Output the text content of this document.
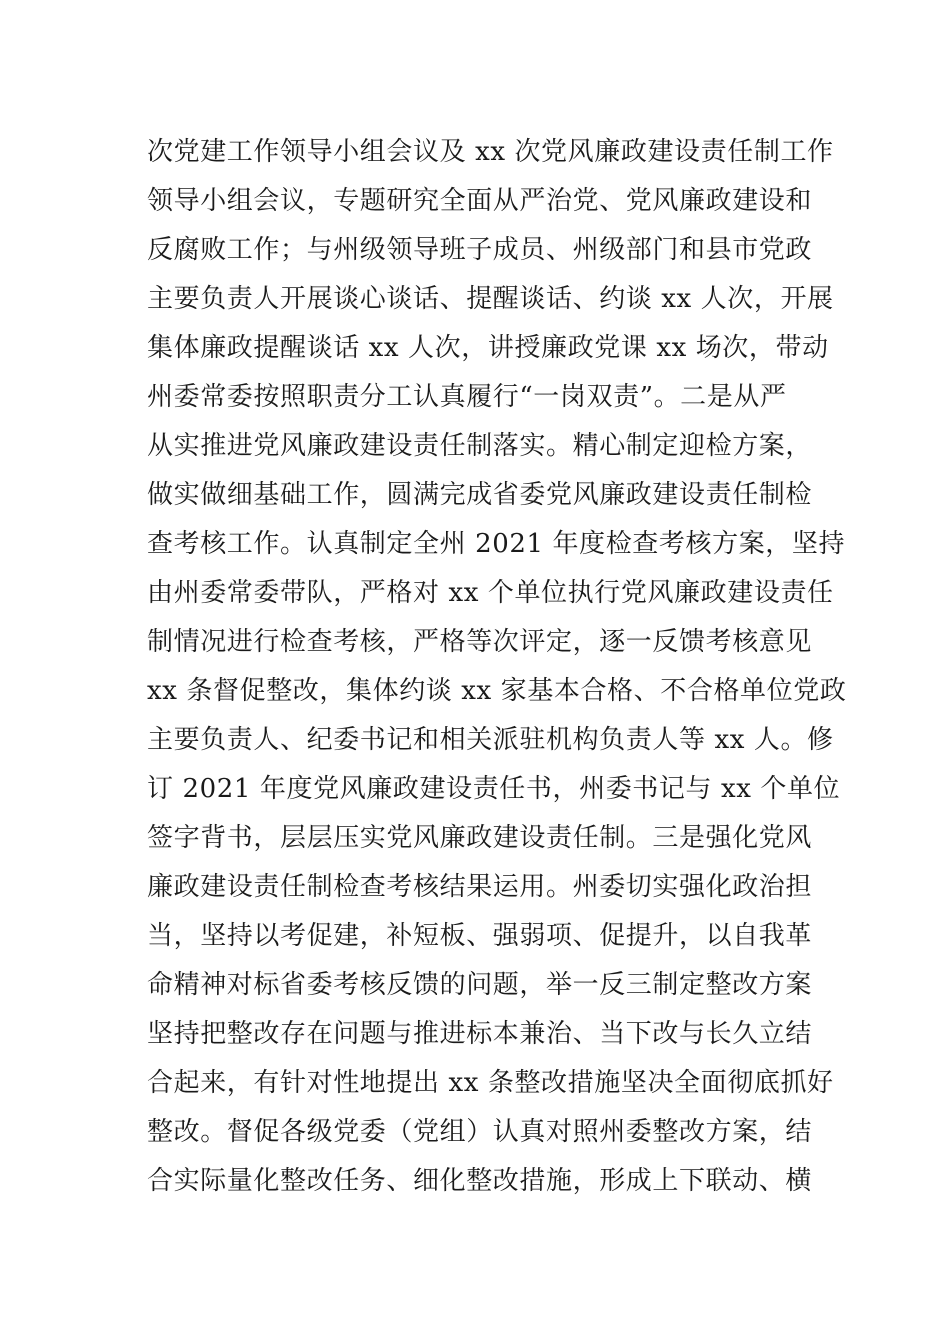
次党建工作领导小组会议及 xx 次党风廉政建设责任制工作
领导小组会议，专题研究全面从严治党、党风廉政建设和
反腐败工作；与州级领导班子成员、州级部门和县市党政
主要负责人开展谈心谈话、提醒谈话、约谈 xx 人次，开展
集体廉政提醒谈话 xx 人次，讲授廉政党课 xx 场次，带动
州委常委按照职责分工认真履行“一岗双责”。二是从严
从实推进党风廉政建设责任制落实。精心制定迎检方案，
做实做细基础工作，圆满完成省委党风廉政建设责任制检
查考核工作。认真制定全州 2021 年度检查考核方案，坚持
由州委常委带队，严格对 xx 个单位执行党风廉政建设责任
制情况进行检查考核，严格等次评定，逐一反馈考核意见
xx 条督促整改，集体约谈 xx 家基本合格、不合格单位党政
主要负责人、纪委书记和相关派驻机构负责人等 xx 人。修
订 2021 年度党风廉政建设责任书，州委书记与 xx 个单位
签字背书，层层压实党风廉政建设责任制。三是强化党风
廉政建设责任制检查考核结果运用。州委切实强化政治担
当，坚持以考促建，补短板、强弱项、促提升，以自我革
命精神对标省委考核反馈的问题，举一反三制定整改方案
坚持把整改存在问题与推进标本兼治、当下改与长久立结
合起来，有针对性地提出 xx 条整改措施坚决全面彻底抓好
整改。督促各级党委（党组）认真对照州委整改方案，结
合实际量化整改任务、细化整改措施，形成上下联动、横
